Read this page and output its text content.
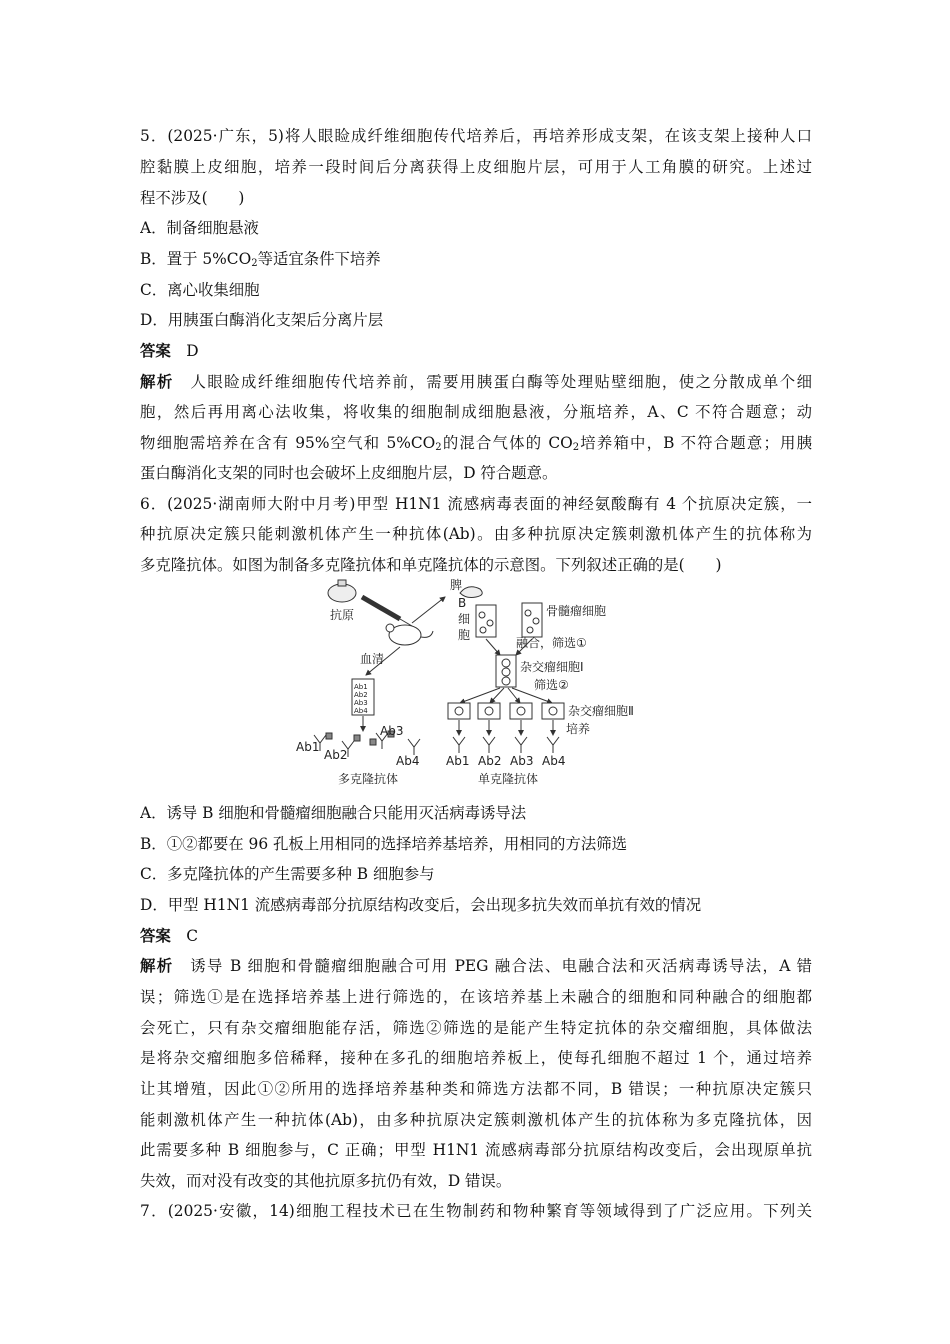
5．(2025·广东，5)将人眼睑成纤维细胞传代培养后，再培养形成支架，在该支架上接种人口
腔黏膜上皮细胞，培养一段时间后分离获得上皮细胞片层，可用于人工角膜的研究。上述过
程不涉及(　　)
A．制备细胞悬液
B．置于 $5\%CO_2$等适宜条件下培养
C．离心收集细胞
D．用胰蛋白酶消化支架后分离片层
答案　 D
解析　 人眼睑成纤维细胞传代培养前，需要用胰蛋白酶等处理贴壁细胞，使之分散成单个细
胞，然后再用离心法收集，将收集的细胞制成细胞悬液，分瓶培养，A、C 不符合题意；动
物细胞需培养在含有 95%空气和 $5\%CO_2$的混合气体的 $CO_2$培养箱中，B 不符合题意；用胰
蛋白酶消化支架的同时也会破坏上皮细胞片层，D 符合题意。
6．(2025·湖南师大附中月考)甲型 H1N1 流感病毒表面的神经氨酸酶有 4 个抗原决定簇，一
种抗原决定簇只能刺激机体产生一种抗体(Ab)。由多种抗原决定簇刺激机体产生的抗体称为
多克隆抗体。如图为制备多克隆抗体和单克隆抗体的示意图。下列叙述正确的是(　　)
抗原
脾
B
细
胞
骨髓瘤细胞
融合，筛选①
杂交瘤细胞Ⅰ
筛选②
杂交瘤细胞Ⅱ
培养
Ab1 Ab2 Ab3 Ab4
单克隆抗体
血清
Ab1
Ab2
Ab3
Ab4
Ab1
Ab2
Ab3
Ab4
多克隆抗体
A．诱导 B 细胞和骨髓瘤细胞融合只能用灭活病毒诱导法
B．①②都要在 96 孔板上用相同的选择培养基培养，用相同的方法筛选
C．多克隆抗体的产生需要多种 B 细胞参与
D．甲型 H1N1 流感病毒部分抗原结构改变后，会出现多抗失效而单抗有效的情况
答案　 C
解析　 诱导 B 细胞和骨髓瘤细胞融合可用 PEG 融合法、电融合法和灭活病毒诱导法，A 错
误；筛选①是在选择培养基上进行筛选的，在该培养基上未融合的细胞和同种融合的细胞都
会死亡，只有杂交瘤细胞能存活，筛选②筛选的是能产生特定抗体的杂交瘤细胞，具体做法
是将杂交瘤细胞多倍稀释，接种在多孔的细胞培养板上，使每孔细胞不超过 1 个，通过培养
让其增殖，因此①②所用的选择培养基种类和筛选方法都不同，B 错误；一种抗原决定簇只
能刺激机体产生一种抗体(Ab)，由多种抗原决定簇刺激机体产生的抗体称为多克隆抗体，因
此需要多种 B 细胞参与，C 正确；甲型 H1N1 流感病毒部分抗原结构改变后，会出现原单抗
失效，而对没有改变的其他抗原多抗仍有效，D 错误。
7．(2025·安徽，14)细胞工程技术已在生物制药和物种繁育等领域得到了广泛应用。下列关
